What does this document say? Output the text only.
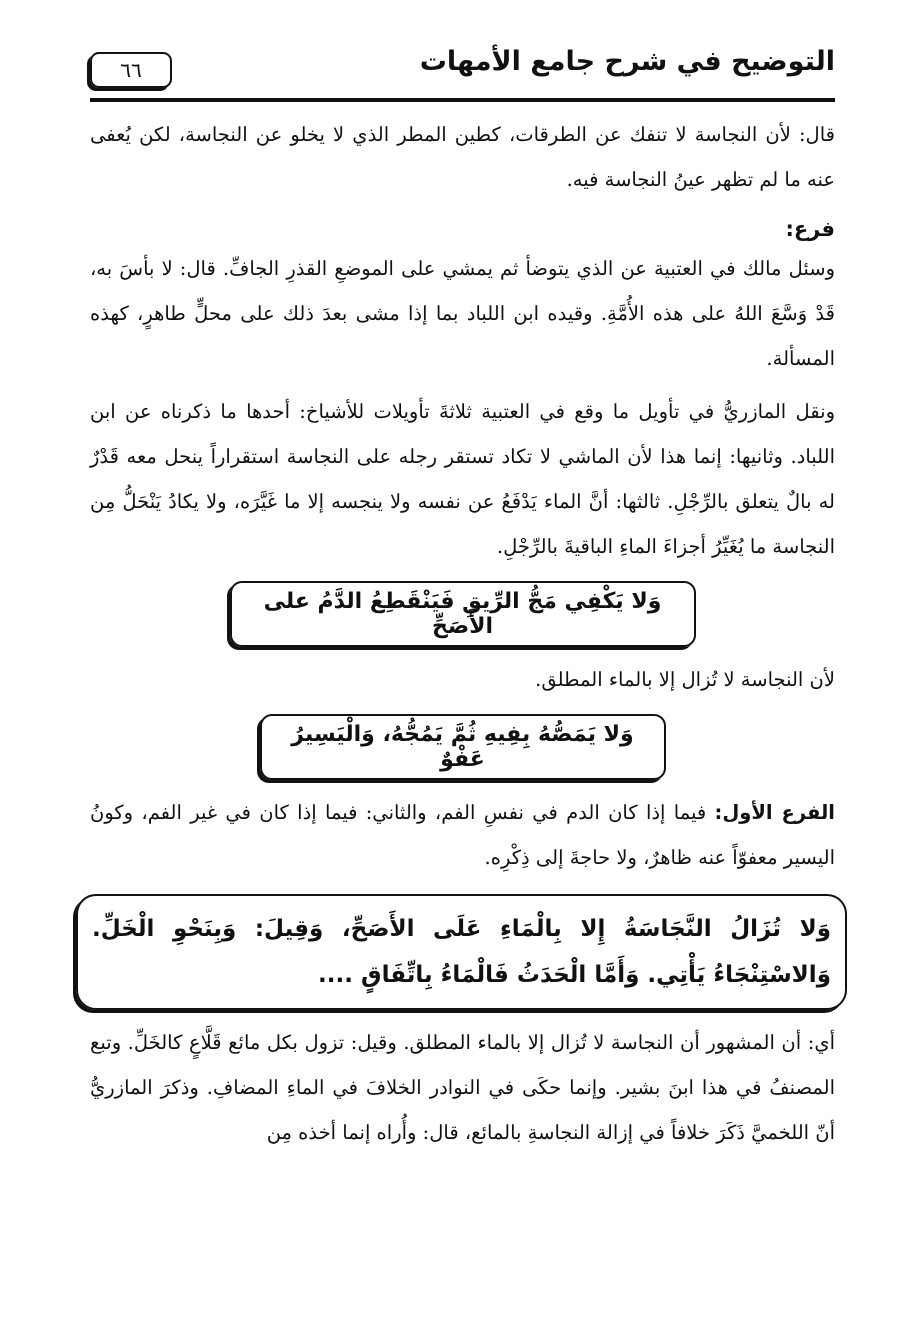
التوضيح في شرح جامع الأمهات
٦٦

قال: لأن النجاسة لا تنفك عن الطرقات، كطين المطر الذي لا يخلو عن النجاسة، لكن يُعفى عنه ما لم تظهر عينُ النجاسة فيه.

فرع:

وسئل مالك في العتبية عن الذي يتوضأ ثم يمشي على الموضعِ القذرِ الجافِّ. قال: لا بأسَ به، قَدْ وَسَّعَ اللهُ على هذه الأُمَّةِ. وقيده ابن اللباد بما إذا مشى بعدَ ذلك على محلٍّ طاهرٍ، كهذه المسألة.

ونقل المازريُّ في تأويل ما وقع في العتبية ثلاثةَ تأويلات للأشياخ: أحدها ما ذكرناه عن ابن اللباد. وثانيها: إنما هذا لأن الماشي لا تكاد تستقر رجله على النجاسة استقراراً ينحل معه قَدْرٌ له بالٌ يتعلق بالرِّجْلِ. ثالثها: أنَّ الماء يَدْفَعُ عن نفسه ولا ينجسه إلا ما غَيَّرَه، ولا يكادُ يَنْحَلُّ مِن النجاسة ما يُغَيِّرُ أجزاءَ الماءِ الباقيةَ بالرِّجْلِ.

وَلا يَكْفِي مَجُّ الرِّيقِ فَيَنْقَطِعُ الدَّمُ على الأَصَحِّ

لأن النجاسة لا تُزال إلا بالماء المطلق.

وَلا يَمَصُّهُ بِفِيهِ ثُمَّ يَمُجُّهُ، وَالْيَسِيرُ عَفْوٌ

الفرع الأول: فيما إذا كان الدم في نفسِ الفم، والثاني: فيما إذا كان في غير الفم، وكونُ اليسير معفوّاً عنه ظاهرٌ، ولا حاجةَ إلى ذِكْرِه.

وَلا تُزَالُ النَّجَاسَةُ إِلا بِالْمَاءِ عَلَى الأَصَحِّ، وَقِيلَ: وَبِنَحْوِ الْخَلِّ. وَالاسْتِنْجَاءُ يَأْتِي. وَأَمَّا الْحَدَثُ فَالْمَاءُ بِاتِّفَاقٍ ....

أي: أن المشهور أن النجاسة لا تُزال إلا بالماء المطلق. وقيل: تزول بكل مائع قَلَّاعٍ كالخَلِّ. وتبع المصنفُ في هذا ابنَ بشير. وإنما حكَى في النوادر الخلافَ في الماءِ المضافِ. وذكرَ المازريُّ أنّ اللخميَّ ذَكَرَ خلافاً في إزالة النجاسةِ بالمائع، قال: وأُراه إنما أخذه مِن
